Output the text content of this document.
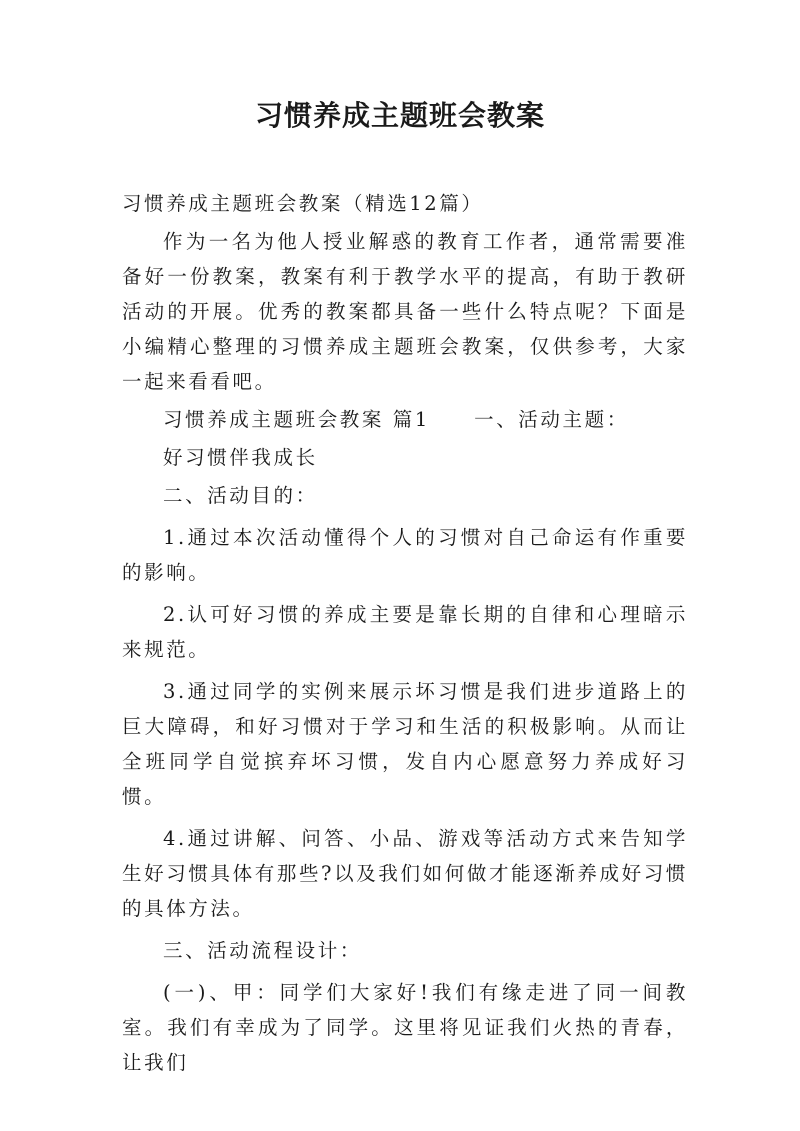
习惯养成主题班会教案

习惯养成主题班会教案（精选12篇）

作为一名为他人授业解惑的教育工作者，通常需要准备好一份教案，教案有利于教学水平的提高，有助于教研活动的开展。优秀的教案都具备一些什么特点呢？下面是小编精心整理的习惯养成主题班会教案，仅供参考，大家一起来看看吧。

习惯养成主题班会教案 篇1　　一、活动主题：

好习惯伴我成长

二、活动目的：

1.通过本次活动懂得个人的习惯对自己命运有作重要的影响。

2.认可好习惯的养成主要是靠长期的自律和心理暗示来规范。

3.通过同学的实例来展示坏习惯是我们进步道路上的巨大障碍，和好习惯对于学习和生活的积极影响。从而让全班同学自觉摈弃坏习惯，发自内心愿意努力养成好习惯。

4.通过讲解、问答、小品、游戏等活动方式来告知学生好习惯具体有那些?以及我们如何做才能逐渐养成好习惯的具体方法。

三、活动流程设计：

(一)、甲：同学们大家好!我们有缘走进了同一间教室。我们有幸成为了同学。这里将见证我们火热的青春，让我们
